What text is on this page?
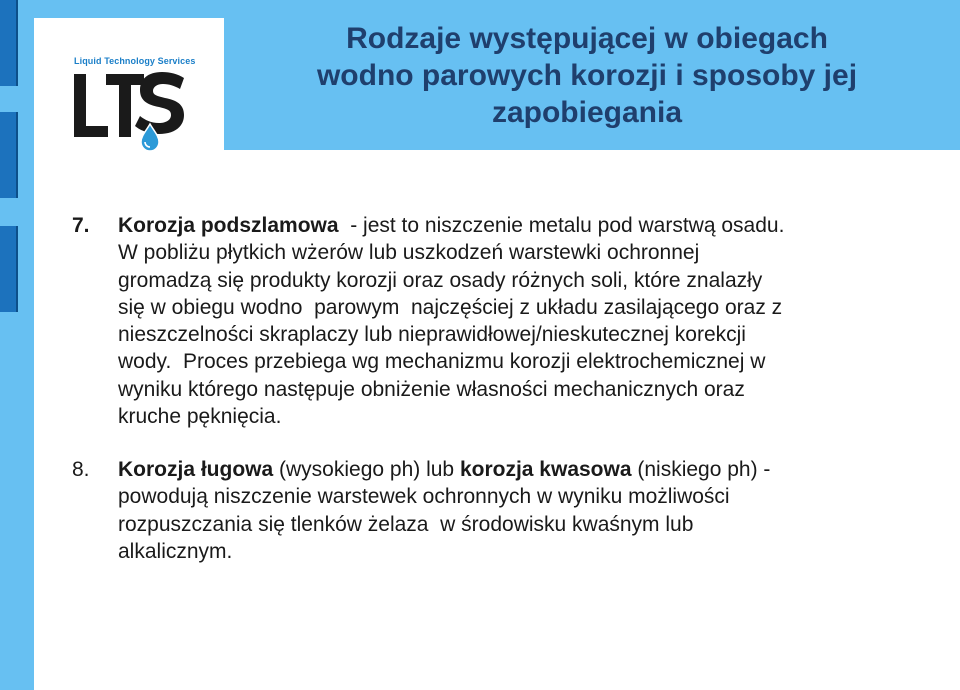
Liquid Technology Services
Rodzaje występującej w obiegach
wodno parowych korozji i sposoby jej
zapobiegania
7. Korozja podszlamowa  - jest to niszczenie metalu pod warstwą osadu.
W pobliżu płytkich wżerów lub uszkodzeń warstewki ochronnej
gromadzą się produkty korozji oraz osady różnych soli, które znalazły
się w obiegu wodno  parowym  najczęściej z układu zasilającego oraz z
nieszczelności skraplaczy lub nieprawidłowej/nieskutecznej korekcji
wody.  Proces przebiega wg mechanizmu korozji elektrochemicznej w
wyniku którego następuje obniżenie własności mechanicznych oraz
kruche pęknięcia.
8. Korozja ługowa (wysokiego ph) lub korozja kwasowa (niskiego ph) -
powodują niszczenie warstewek ochronnych w wyniku możliwości
rozpuszczania się tlenków żelaza  w środowisku kwaśnym lub
alkalicznym.
